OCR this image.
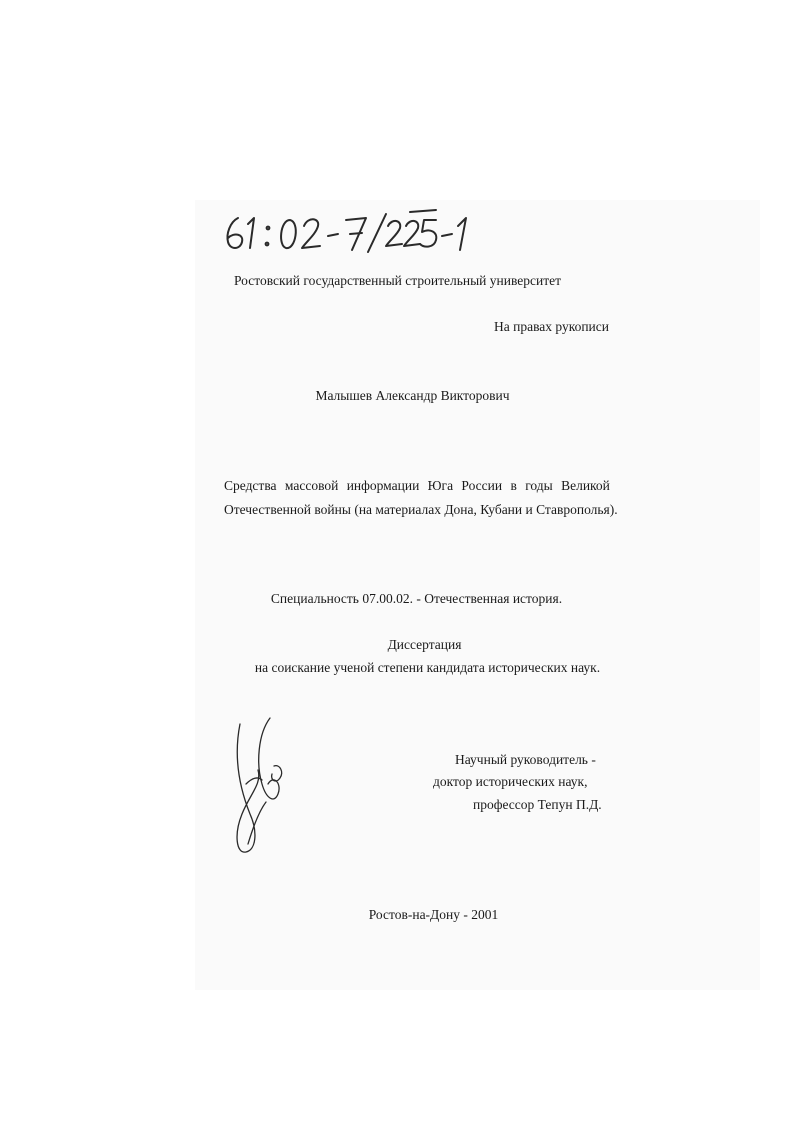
Ростовский государственный строительный университет
На правах рукописи
Малышев Александр Викторович
Средства массовой информации Юга России в годы Великой
Отечественной войны (на материалах Дона, Кубани и Ставрополья).
Специальность 07.00.02. - Отечественная история.
Диссертация
на соискание ученой степени кандидата исторических наук.
Научный руководитель -
доктор исторических наук,
профессор Тепун П.Д.
Ростов-на-Дону - 2001
